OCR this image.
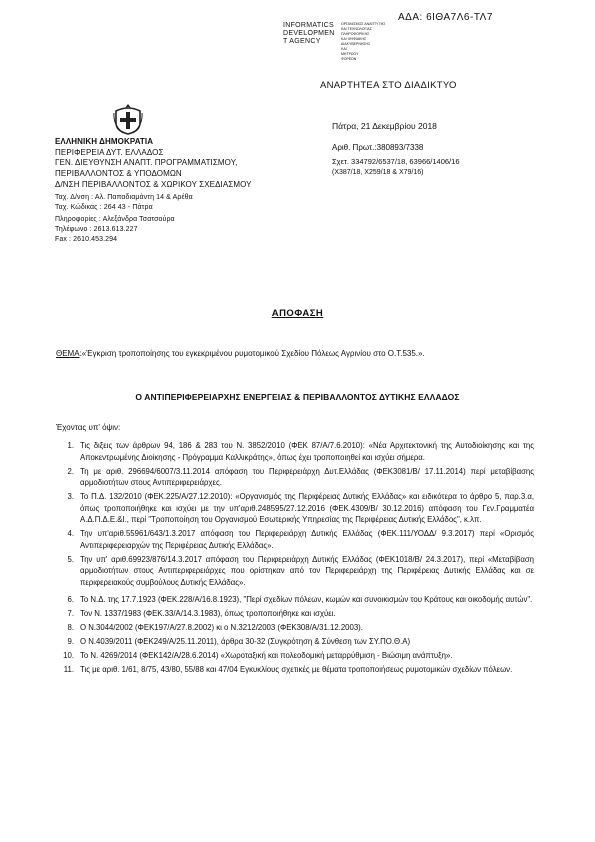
ΑΔΑ: 6ΙΘΑ7Λ6-ΤΛ7
INFORMATICS
DEVELOPMEN
T AGENCY
ΟΡΓΑΝΙΣΜΟΣ ΑΝΑΠΤΥΞΗΣ
ΚΑΙ ΤΕΧΝΟΛΟΓΙΑΣ
ΠΛΗΡΟΦΟΡΙΚΗΣ
ΚΑΙ ΨΗΦΙΑΚΗΣ
ΔΙΑΚΥΒΕΡΝΗΣΗΣ
ΚΑΙ
ΜΗΤΡΩΟΥ
ΦΟΡΕΩΝ
ΑΝΑΡΤΗΤΕΑ ΣΤΟ ΔΙΑΔΙΚΤΥΟ
ΕΛΛΗΝΙΚΗ ΔΗΜΟΚΡΑΤΙΑ
ΠΕΡΙΦΕΡΕΙΑ ΔΥΤ. ΕΛΛΑΔΟΣ
ΓΕΝ. ΔΙΕΥΘΥΝΣΗ ΑΝΑΠΤ. ΠΡΟΓΡΑΜΜΑΤΙΣΜΟΥ,
ΠΕΡΙΒΑΛΛΟΝΤΟΣ & ΥΠΟΔΟΜΩΝ
Δ/ΝΣΗ ΠΕΡΙΒΑΛΛΟΝΤΟΣ & ΧΩΡΙΚΟΥ ΣΧΕΔΙΑΣΜΟΥ
Ταχ. Δ/νση : Αλ. Παπαδιαμάντη 14 & Αρέθα
Ταχ. Κώδικας : 264 43 - Πάτρα
Πληροφορίες : Αλεξάνδρα Τσατσούρα
Τηλέφωνο : 2613.613.227
Fax : 2610.453.294
Πάτρα, 21 Δεκεμβρίου 2018
Αριθ. Πρωτ.:380893/7338
Σχετ. 334792/6537/18, 63966/1406/16
(Χ387/18, Χ259/18 & Χ79/16)
ΑΠΟΦΑΣΗ
ΘΕΜΑ:«Έγκριση τροποποίησης του εγκεκριμένου ρυμοτομικού Σχεδίου Πόλεως Αγρινίου στο Ο.Τ.535.».
Ο ΑΝΤΙΠΕΡΙΦΕΡΕΙΑΡΧΗΣ ΕΝΕΡΓΕΙΑΣ & ΠΕΡΙΒΑΛΛΟΝΤΟΣ ΔΥΤΙΚΗΣ ΕΛΛΑΔΟΣ
Έχοντας υπ' όψιν:
1. Τις διξεις των άρθρων 94, 186 & 283 του Ν. 3852/2010 (ΦΕΚ 87/Α/7.6.2010): «Νέα Αρχιτεκτονική της Αυτοδιοίκησης και της Αποκεντρωμένης Διοίκησης - Πρόγραμμα Καλλικράτης», όπως έχει τροποποιηθεί και ισχύει σήμερα.
2. Τη με αριθ. 296694/6007/3.11.2014 απόφαση του Περιφερειάρχη Δυτ.Ελλάδας (ΦΕΚ3081/Β/ 17.11.2014) περί μεταβίβασης αρμοδιοτήτων στους Αντιπεριφερειάρχες.
3. Το Π.Δ. 132/2010 (ΦΕΚ.225/Α/27.12.2010): «Οργανισμός της Περιφέρειας Δυτικής Ελλάδας» και ειδικότερα το άρθρο 5, παρ.3.α, όπως τροποποιήθηκε και ισχύει με την υπ'αριθ.248595/27.12.2016 (ΦΕΚ.4309/Β/ 30.12.2016) απόφαση του Γεν.Γραμματέα Α.Δ.Π.Δ.Ε.&Ι., περί "Τροποποίηση του Οργανισμού Εσωτερικής Υπηρεσίας της Περιφέρειας Δυτικής Ελλάδος", κ.λπ.
4. Την υπ'αριθ.55961/643/1.3.2017 απόφαση του Περιφερειάρχη Δυτικής Ελλάδας (ΦΕΚ.111/ΥΟΔΔ/ 9.3.2017) περί «Ορισμός Αντιπεριφερειαρχών της Περιφέρειας Δυτικής Ελλάδας».
5. Την υπ' αριθ.69923/876/14.3.2017 απόφαση του Περιφερειάρχη Δυτικής Ελλάδας (ΦΕΚ1018/Β/ 24.3.2017), περί «Μεταβίβαση αρμοδιοτήτων στους Αντιπεριφερειάρχες που ορίστηκαν από τον Περιφερειάρχη της Περιφέρειας Δυτικής Ελλάδας και σε περιφερειακούς συμβούλους Δυτικής Ελλάδας».
6. Το Ν.Δ. της 17.7.1923 (ΦΕΚ.228/Α/16.8.1923), "Περί σχεδίων πόλεων, κωμών και συνοικισμών του Κράτους και οικοδομής αυτών".
7. Τον Ν. 1337/1983 (ΦΕΚ.33/Α/14.3.1983), όπως τροποποιήθηκε και ισχύει.
8. Ο Ν.3044/2002 (ΦΕΚ197/Α/27.8.2002) κι ο Ν.3212/2003 (ΦΕΚ308/Α/31.12.2003).
9. Ο Ν.4039/2011 (ΦΕΚ249/Α/25.11.2011), άρθρα 30-32 (Συγκρότηση & Σύνθεση των ΣΥ.ΠΟ.Θ.Α)
10. Το Ν. 4269/2014 (ΦΕΚ142/Α/28.6.2014) «Χωροταξική και πολεοδομική μεταρρύθμιση - Βιώσιμη ανάπτυξη».
11. Τις με αριθ. 1/61, 8/75, 43/80, 55/88 και 47/04 Εγκυκλίους σχετικές με θέματα τροποποιήσεως ρυμοτομικών σχεδίων πόλεων.
